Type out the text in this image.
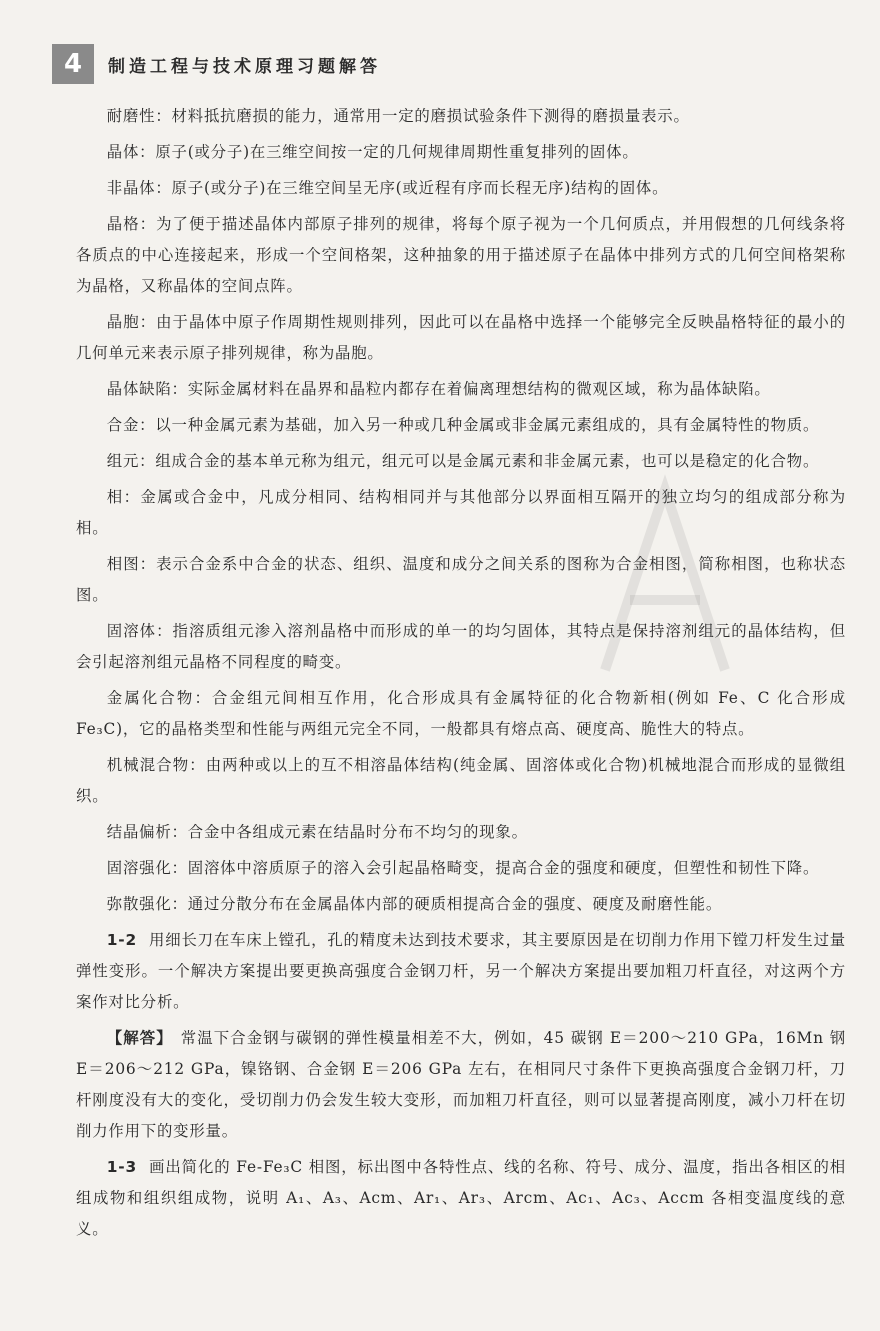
4	制造工程与技术原理习题解答

耐磨性：材料抵抗磨损的能力，通常用一定的磨损试验条件下测得的磨损量表示。

晶体：原子(或分子)在三维空间按一定的几何规律周期性重复排列的固体。

非晶体：原子(或分子)在三维空间呈无序(或近程有序而长程无序)结构的固体。

晶格：为了便于描述晶体内部原子排列的规律，将每个原子视为一个几何质点，并用假想的几何线条将各质点的中心连接起来，形成一个空间格架，这种抽象的用于描述原子在晶体中排列方式的几何空间格架称为晶格，又称晶体的空间点阵。

晶胞：由于晶体中原子作周期性规则排列，因此可以在晶格中选择一个能够完全反映晶格特征的最小的几何单元来表示原子排列规律，称为晶胞。

晶体缺陷：实际金属材料在晶界和晶粒内都存在着偏离理想结构的微观区域，称为晶体缺陷。

合金：以一种金属元素为基础，加入另一种或几种金属或非金属元素组成的，具有金属特性的物质。

组元：组成合金的基本单元称为组元，组元可以是金属元素和非金属元素，也可以是稳定的化合物。

相：金属或合金中，凡成分相同、结构相同并与其他部分以界面相互隔开的独立均匀的组成部分称为相。

相图：表示合金系中合金的状态、组织、温度和成分之间关系的图称为合金相图，简称相图，也称状态图。

固溶体：指溶质组元渗入溶剂晶格中而形成的单一的均匀固体，其特点是保持溶剂组元的晶体结构，但会引起溶剂组元晶格不同程度的畸变。

金属化合物：合金组元间相互作用，化合形成具有金属特征的化合物新相(例如 Fe、C 化合形成 Fe₃C)，它的晶格类型和性能与两组元完全不同，一般都具有熔点高、硬度高、脆性大的特点。

机械混合物：由两种或以上的互不相溶晶体结构(纯金属、固溶体或化合物)机械地混合而形成的显微组织。

结晶偏析：合金中各组成元素在结晶时分布不均匀的现象。

固溶强化：固溶体中溶质原子的溶入会引起晶格畸变，提高合金的强度和硬度，但塑性和韧性下降。

弥散强化：通过分散分布在金属晶体内部的硬质相提高合金的强度、硬度及耐磨性能。

1-2 用细长刀在车床上镗孔，孔的精度未达到技术要求，其主要原因是在切削力作用下镗刀杆发生过量弹性变形。一个解决方案提出要更换高强度合金钢刀杆，另一个解决方案提出要加粗刀杆直径，对这两个方案作对比分析。

【解答】 常温下合金钢与碳钢的弹性模量相差不大，例如，45 碳钢 E＝200～210 GPa，16Mn 钢 E＝206～212 GPa，镍铬钢、合金钢 E＝206 GPa 左右，在相同尺寸条件下更换高强度合金钢刀杆，刀杆刚度没有大的变化，受切削力仍会发生较大变形，而加粗刀杆直径，则可以显著提高刚度，减小刀杆在切削力作用下的变形量。

1-3 画出简化的 Fe-Fe₃C 相图，标出图中各特性点、线的名称、符号、成分、温度，指出各相区的相组成物和组织组成物，说明 A₁、A₃、Acm、Ar₁、Ar₃、Arcm、Ac₁、Ac₃、Accm 各相变温度线的意义。
